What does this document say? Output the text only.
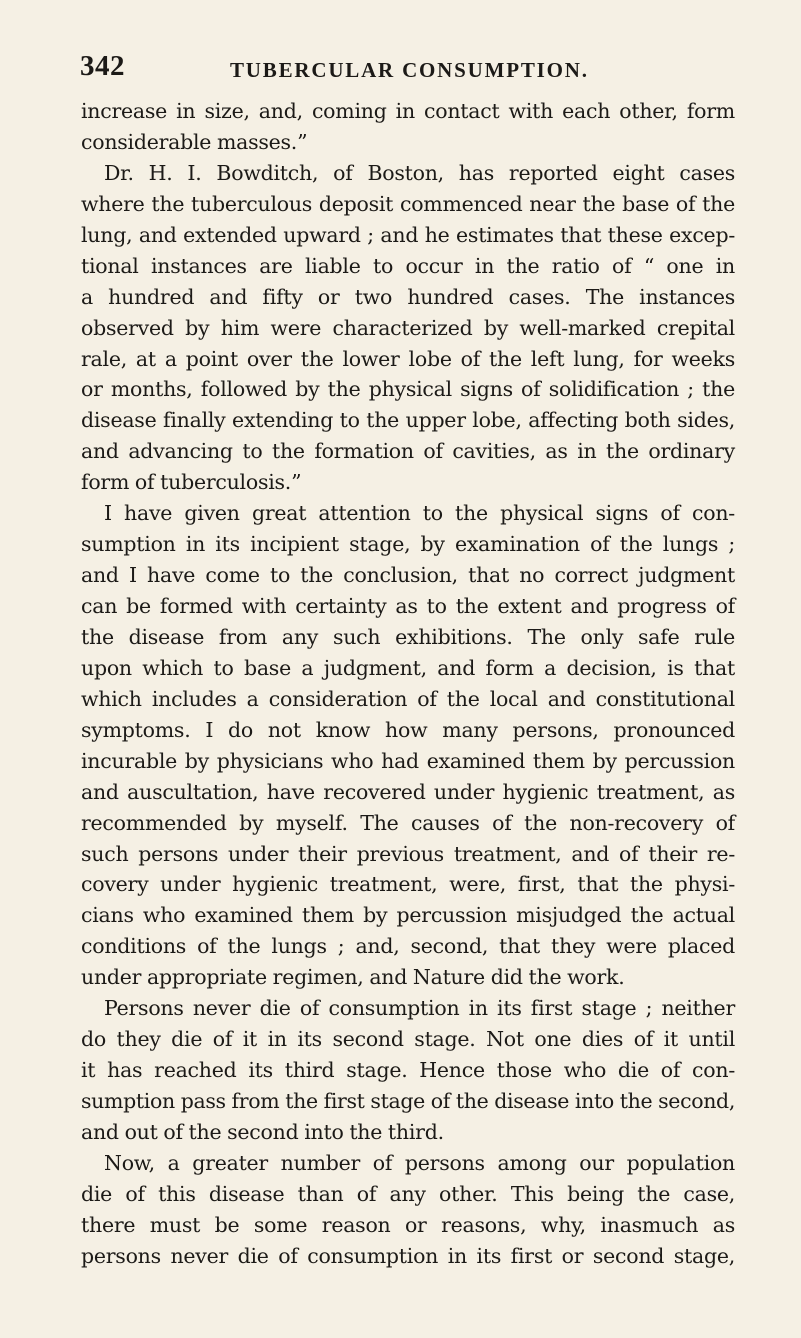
342	TUBERCULAR CONSUMPTION.
increase in size, and, coming in contact with each other, form
considerable masses.”
Dr. H. I. Bowditch, of Boston, has reported eight cases
where the tuberculous deposit commenced near the base of the
lung, and extended upward ; and he estimates that these excep-
tional instances are liable to occur in the ratio of “ one in
a hundred and fifty or two hundred cases. The instances
observed by him were characterized by well-marked crepital
rale, at a point over the lower lobe of the left lung, for weeks
or months, followed by the physical signs of solidification ; the
disease finally extending to the upper lobe, affecting both sides,
and advancing to the formation of cavities, as in the ordinary
form of tuberculosis.”
I have given great attention to the physical signs of con-
sumption in its incipient stage, by examination of the lungs ;
and I have come to the conclusion, that no correct judgment
can be formed with certainty as to the extent and progress of
the disease from any such exhibitions. The only safe rule
upon which to base a judgment, and form a decision, is that
which includes a consideration of the local and constitutional
symptoms. I do not know how many persons, pronounced
incurable by physicians who had examined them by percussion
and auscultation, have recovered under hygienic treatment, as
recommended by myself. The causes of the non-recovery of
such persons under their previous treatment, and of their re-
covery under hygienic treatment, were, first, that the physi-
cians who examined them by percussion misjudged the actual
conditions of the lungs ; and, second, that they were placed
under appropriate regimen, and Nature did the work.
Persons never die of consumption in its first stage ; neither
do they die of it in its second stage. Not one dies of it until
it has reached its third stage. Hence those who die of con-
sumption pass from the first stage of the disease into the second,
and out of the second into the third.
Now, a greater number of persons among our population
die of this disease than of any other. This being the case,
there must be some reason or reasons, why, inasmuch as
persons never die of consumption in its first or second stage,
